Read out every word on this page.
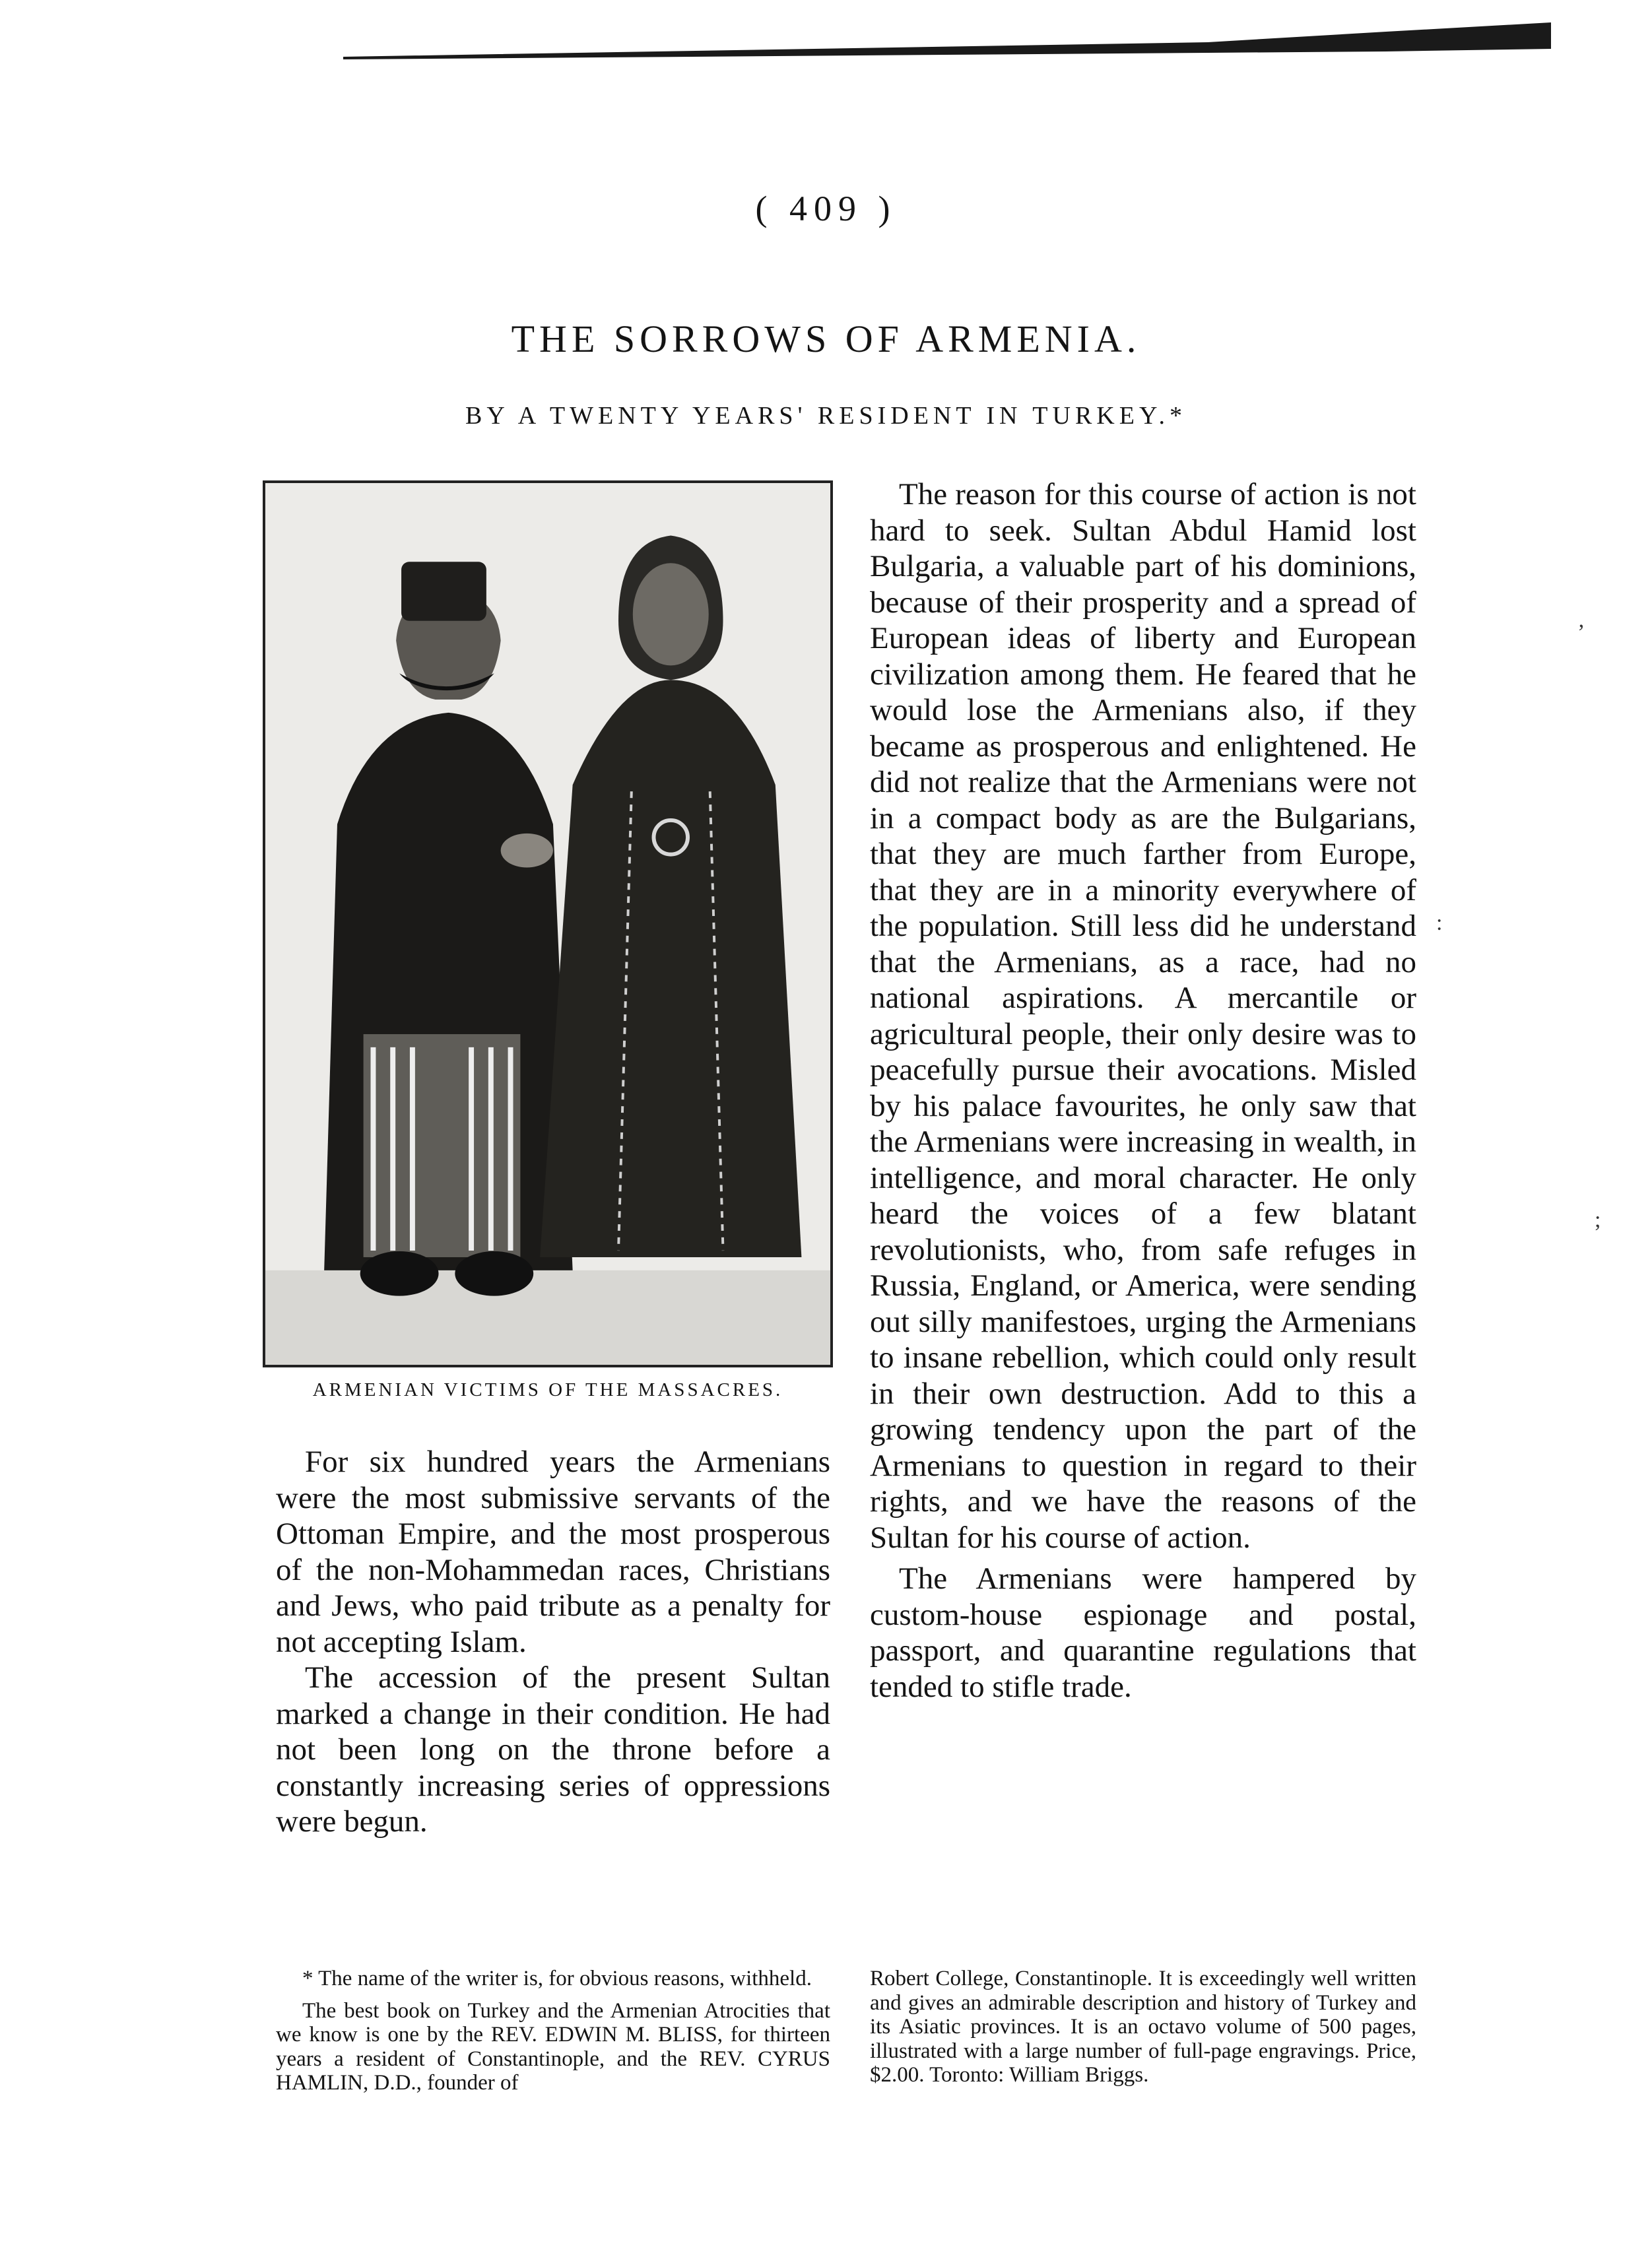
( 409 )
THE SORROWS OF ARMENIA.
BY A TWENTY YEARS' RESIDENT IN TURKEY.*
ARMENIAN VICTIMS OF THE MASSACRES.

For six hundred years the Armenians were the most submissive servants of the Ottoman Empire, and the most prosperous of the non-Mohammedan races, Christians and Jews, who paid tribute as a penalty for not accepting Islam.

The accession of the present Sultan marked a change in their condition. He had not been long on the throne before a constantly increasing series of oppressions were begun.

The reason for this course of action is not hard to seek. Sultan Abdul Hamid lost Bulgaria, a valuable part of his dominions, because of their prosperity and a spread of European ideas of liberty and European civilization among them. He feared that he would lose the Armenians also, if they became as prosperous and enlightened. He did not realize that the Armenians were not in a compact body as are the Bulgarians, that they are much farther from Europe, that they are in a minority everywhere of the population. Still less did he understand that the Armenians, as a race, had no national aspirations. A mercantile or agricultural people, their only desire was to peacefully pursue their avocations. Misled by his palace favourites, he only saw that the Armenians were increasing in wealth, in intelligence, and moral character. He only heard the voices of a few blatant revolutionists, who, from safe refuges in Russia, England, or America, were sending out silly manifestoes, urging the Armenians to insane rebellion, which could only result in their own destruction. Add to this a growing tendency upon the part of the Armenians to question in regard to their rights, and we have the reasons of the Sultan for his course of action.

The Armenians were hampered by custom-house espionage and postal, passport, and quarantine regulations that tended to stifle trade.

* The name of the writer is, for obvious reasons, withheld.

The best book on Turkey and the Armenian Atrocities that we know is one by the REV. EDWIN M. BLISS, for thirteen years a resident of Constantinople, and the REV. CYRUS HAMLIN, D.D., founder of

Robert College, Constantinople. It is exceedingly well written and gives an admirable description and history of Turkey and its Asiatic provinces. It is an octavo volume of 500 pages, illustrated with a large number of full-page engravings. Price, $2.00. Toronto: William Briggs.

ʼ
:
;
